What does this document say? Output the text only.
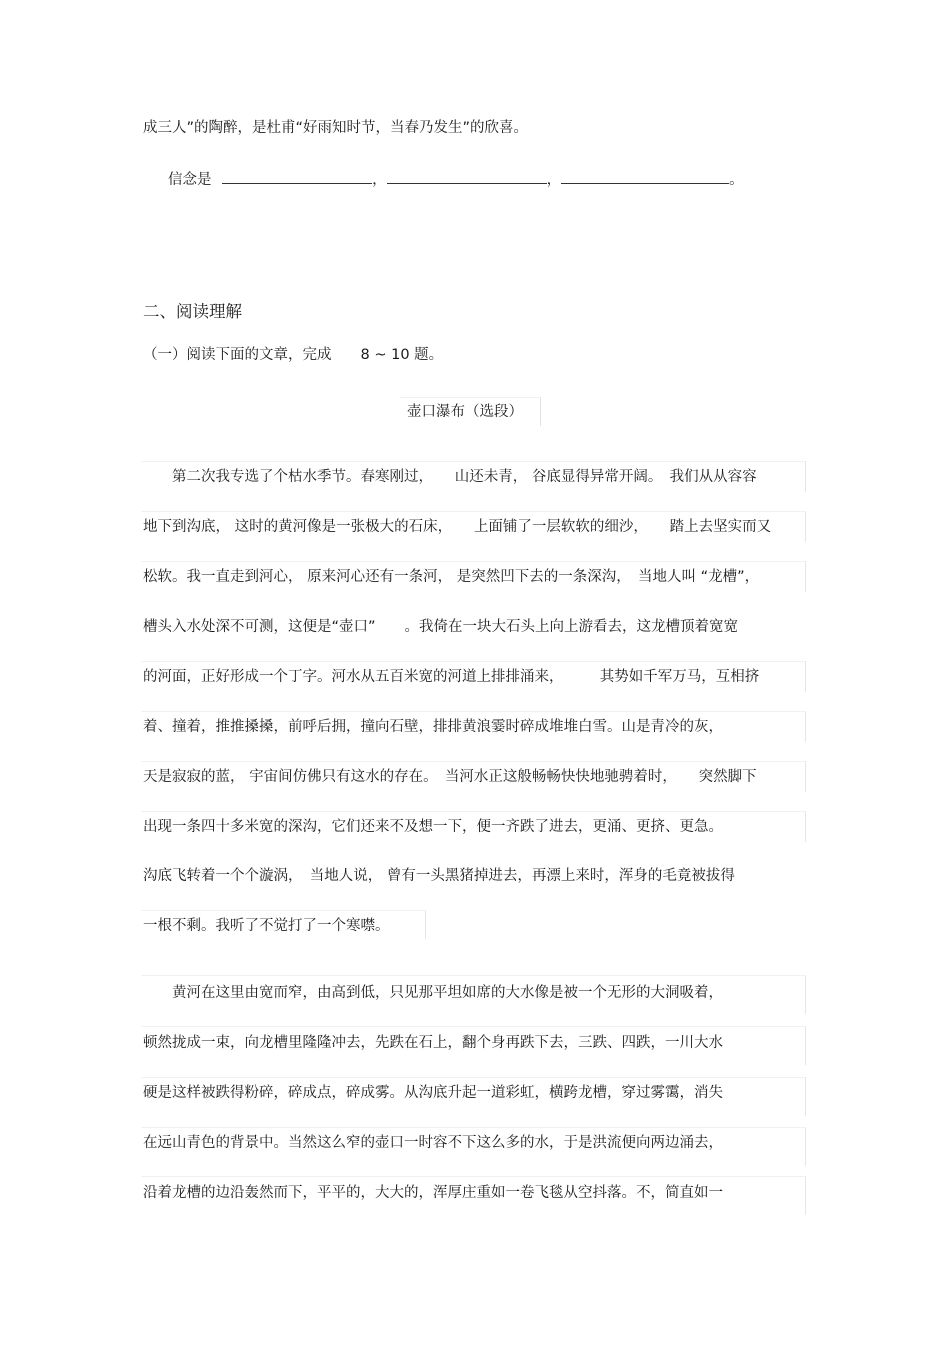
成三人”的陶醉，是杜甫“好雨知时节，当春乃发生”的欣喜。
信念是	，	，	。
二、阅读理解
（一）阅读下面的文章，完成　　8 ~ 10 题。
壶口瀑布（选段）
　　第二次我专选了个枯水季节。春寒刚过，　　山还未青， 谷底显得异常开阔。　我们从从容容
地下到沟底， 这时的黄河像是一张极大的石床，　　上面铺了一层软软的细沙，　　踏上去坚实而又
松软。我一直走到河心， 原来河心还有一条河， 是突然凹下去的一条深沟，　当地人叫 “龙槽”，
槽头入水处深不可测，这便是“壶口”　　。我倚在一块大石头上向上游看去，这龙槽顶着宽宽
的河面，正好形成一个丁字。河水从五百米宽的河道上排排涌来，　　　其势如千军万马，互相挤
着、撞着，推推搡搡，前呼后拥，撞向石壁，排排黄浪霎时碎成堆堆白雪。山是青冷的灰，
天是寂寂的蓝， 宇宙间仿佛只有这水的存在。　当河水正这般畅畅快快地驰骋着时，　　突然脚下
出现一条四十多米宽的深沟，它们还来不及想一下，便一齐跌了进去，更涌、更挤、更急。
沟底飞转着一个个漩涡，　当地人说， 曾有一头黑猪掉进去，再漂上来时，浑身的毛竟被拔得
一根不剩。我听了不觉打了一个寒噤。
　　黄河在这里由宽而窄，由高到低，只见那平坦如席的大水像是被一个无形的大洞吸着，
顿然拢成一束，向龙槽里隆隆冲去，先跌在石上，翻个身再跌下去，三跌、四跌，一川大水
硬是这样被跌得粉碎，碎成点，碎成雾。从沟底升起一道彩虹，横跨龙槽，穿过雾霭，消失
在远山青色的背景中。当然这么窄的壶口一时容不下这么多的水，于是洪流便向两边涌去，
沿着龙槽的边沿轰然而下，平平的，大大的，浑厚庄重如一卷飞毯从空抖落。不，简直如一
